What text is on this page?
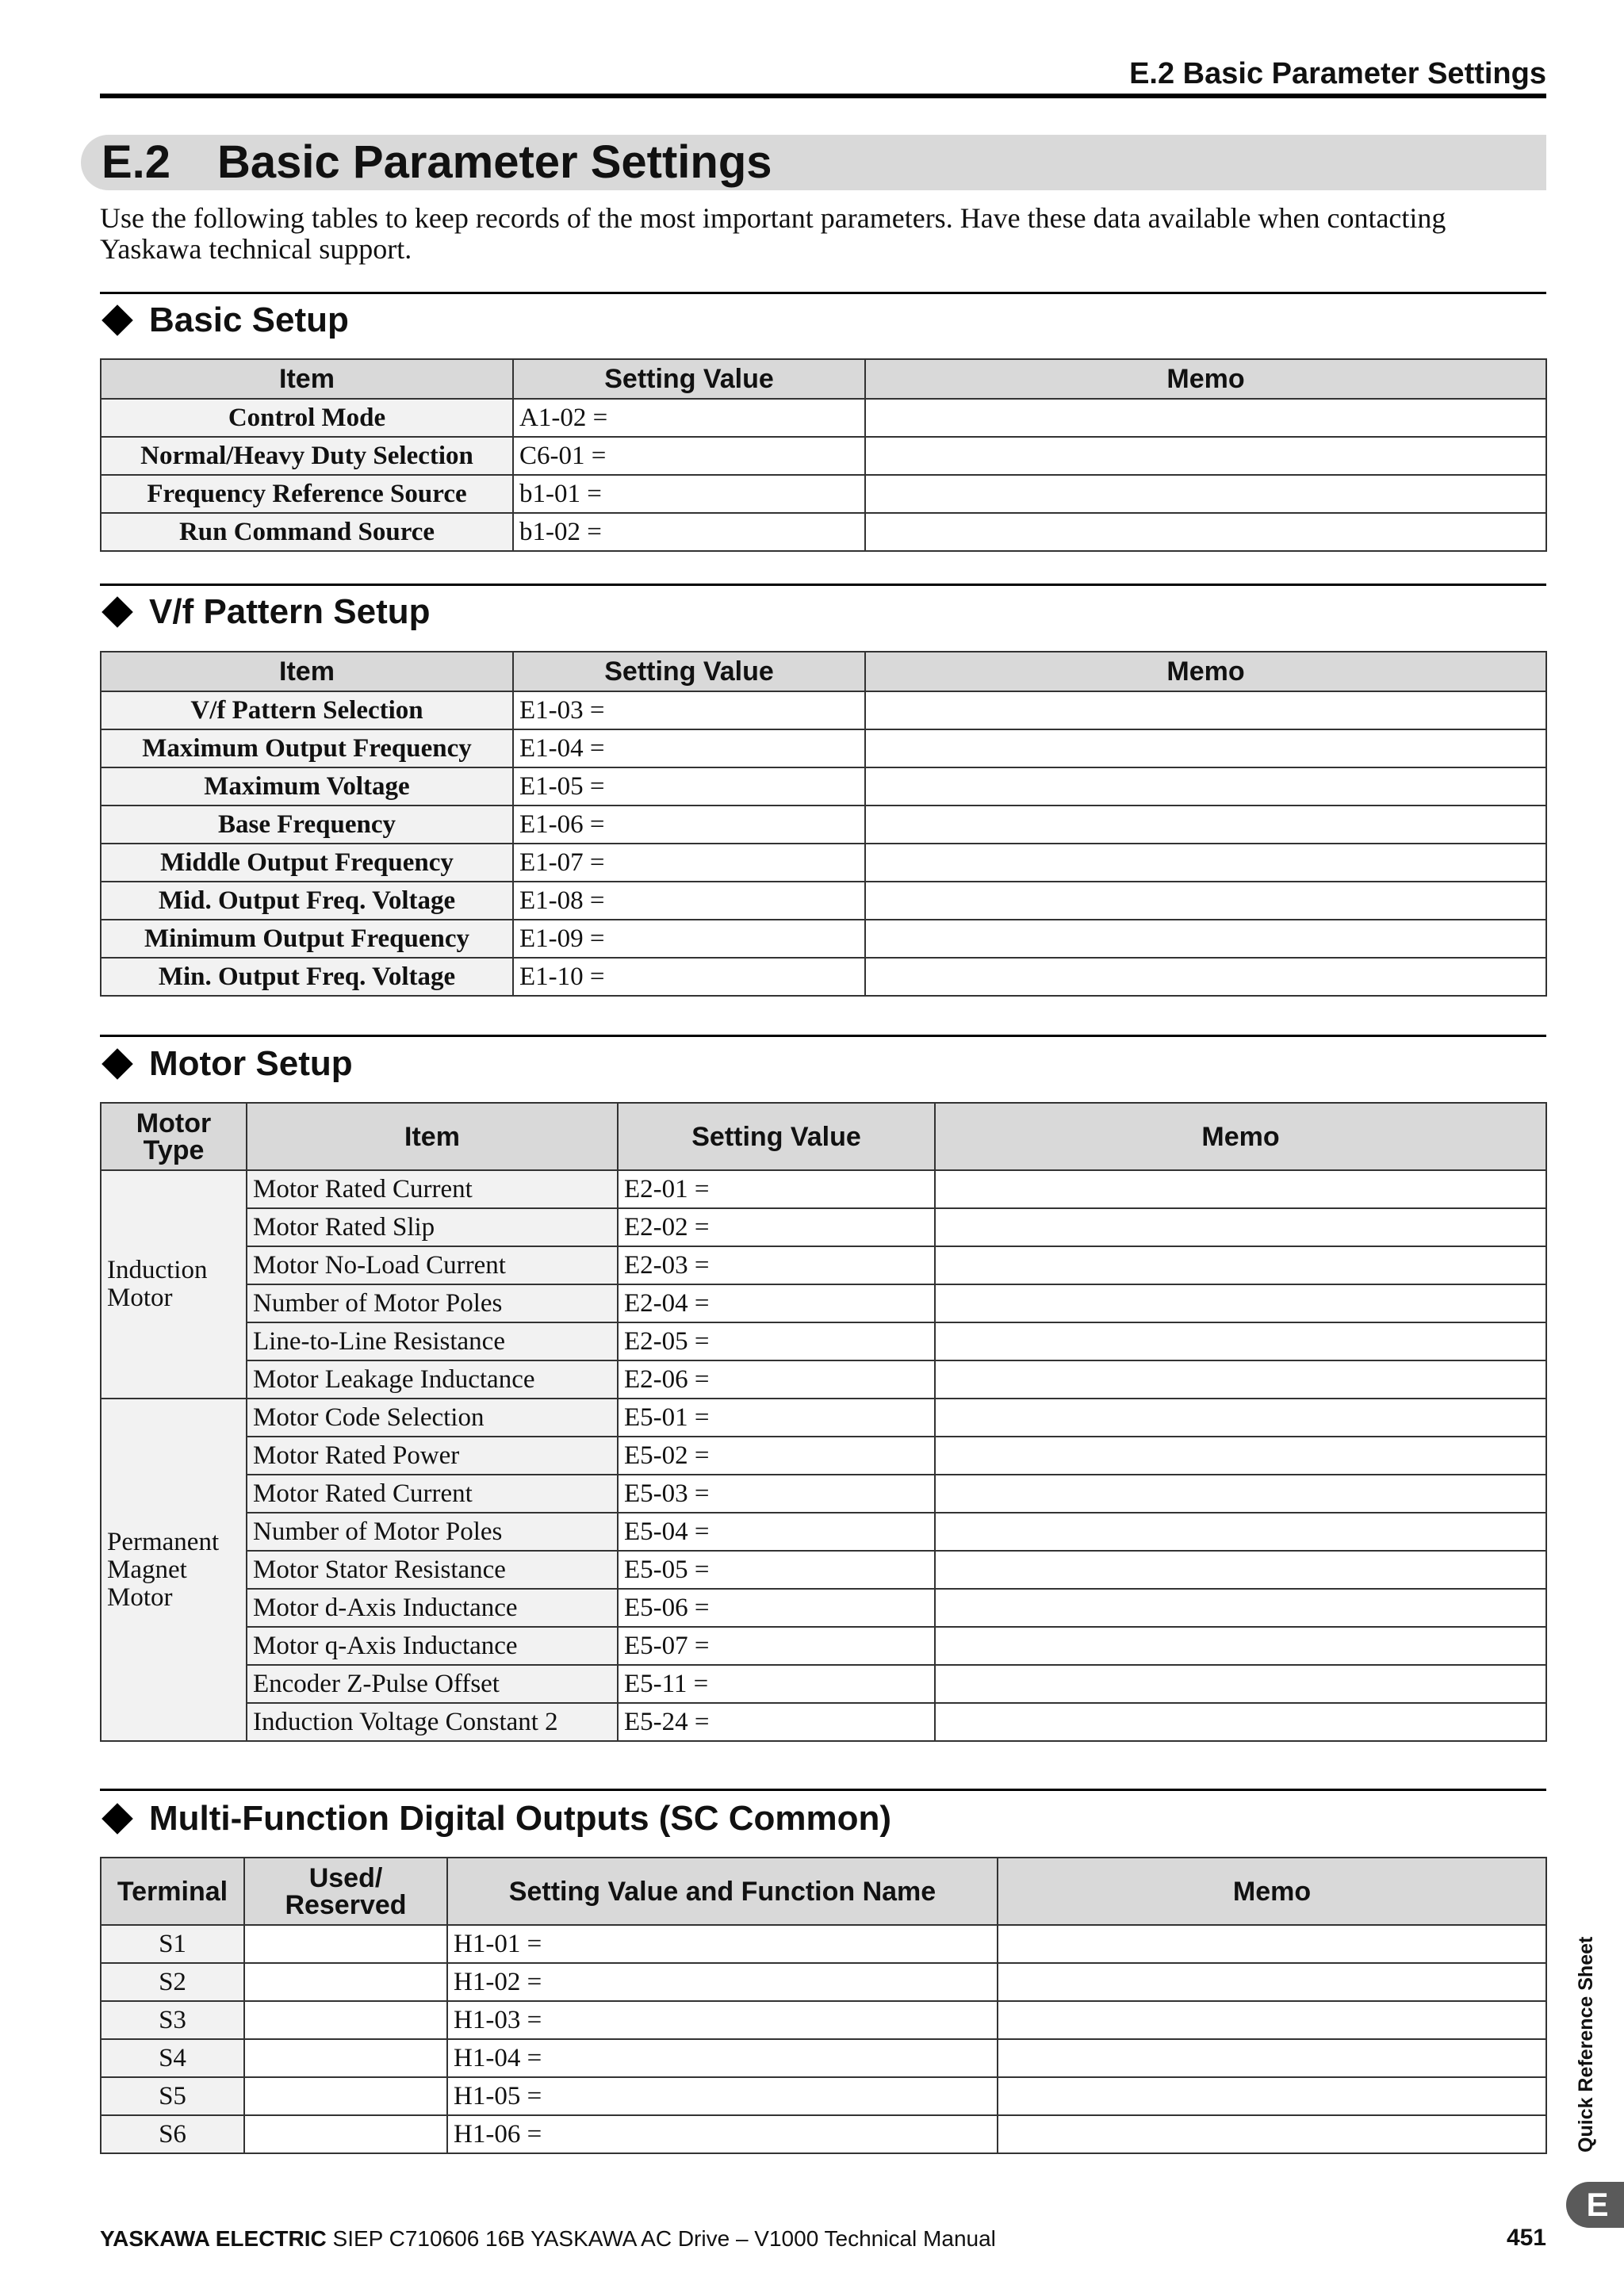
E.2 Basic Parameter Settings
E.2 Basic Parameter Settings
Use the following tables to keep records of the most important parameters. Have these data available when contacting Yaskawa technical support.
Basic Setup
Item	Setting Value	Memo
Control Mode	A1-02 =	
Normal/Heavy Duty Selection	C6-01 =	
Frequency Reference Source	b1-01 =	
Run Command Source	b1-02 =	
V/f Pattern Setup
Item	Setting Value	Memo
V/f Pattern Selection	E1-03 =	
Maximum Output Frequency	E1-04 =	
Maximum Voltage	E1-05 =	
Base Frequency	E1-06 =	
Middle Output Frequency	E1-07 =	
Mid. Output Freq. Voltage	E1-08 =	
Minimum Output Frequency	E1-09 =	
Min. Output Freq. Voltage	E1-10 =	
Motor Setup
Motor Type	Item	Setting Value	Memo
Induction Motor	Motor Rated Current	E2-01 =	
	Motor Rated Slip	E2-02 =	
	Motor No-Load Current	E2-03 =	
	Number of Motor Poles	E2-04 =	
	Line-to-Line Resistance	E2-05 =	
	Motor Leakage Inductance	E2-06 =	
Permanent Magnet Motor	Motor Code Selection	E5-01 =	
	Motor Rated Power	E5-02 =	
	Motor Rated Current	E5-03 =	
	Number of Motor Poles	E5-04 =	
	Motor Stator Resistance	E5-05 =	
	Motor d-Axis Inductance	E5-06 =	
	Motor q-Axis Inductance	E5-07 =	
	Encoder Z-Pulse Offset	E5-11 =	
	Induction Voltage Constant 2	E5-24 =	
Multi-Function Digital Outputs (SC Common)
Terminal	Used/ Reserved	Setting Value and Function Name	Memo
S1		H1-01 =	
S2		H1-02 =	
S3		H1-03 =	
S4		H1-04 =	
S5		H1-05 =	
S6		H1-06 =		Quick Reference Sheet
E
YASKAWA ELECTRIC SIEP C710606 16B YASKAWA AC Drive – V1000 Technical Manual	451
